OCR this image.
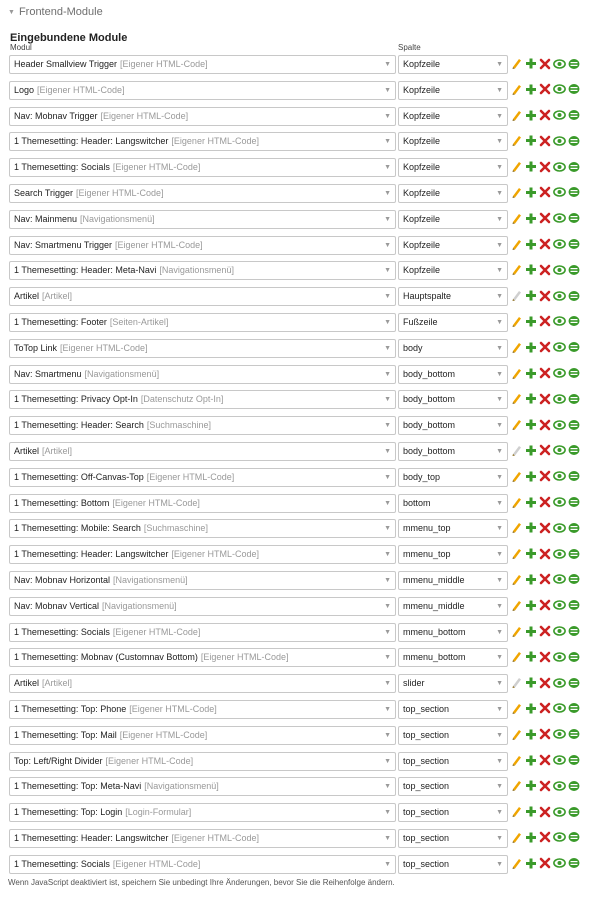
▼ Frontend-Module
Eingebundene Module
Modul	Spalte
Header Smallview Trigger [Eigener HTML-Code]	▼	Kopfzeile	▼
Logo [Eigener HTML-Code]	▼	Kopfzeile	▼
Nav: Mobnav Trigger [Eigener HTML-Code]	▼	Kopfzeile	▼
1 Themesetting: Header: Langswitcher [Eigener HTML-Code]	▼	Kopfzeile	▼
1 Themesetting: Socials [Eigener HTML-Code]	▼	Kopfzeile	▼
Search Trigger [Eigener HTML-Code]	▼	Kopfzeile	▼
Nav: Mainmenu [Navigationsmenü]	▼	Kopfzeile	▼
Nav: Smartmenu Trigger [Eigener HTML-Code]	▼	Kopfzeile	▼
1 Themesetting: Header: Meta-Navi [Navigationsmenü]	▼	Kopfzeile	▼
Artikel [Artikel]	▼	Hauptspalte	▼
1 Themesetting: Footer [Seiten-Artikel]	▼	Fußzeile	▼
ToTop Link [Eigener HTML-Code]	▼	body	▼
Nav: Smartmenu [Navigationsmenü]	▼	body_bottom	▼
1 Themesetting: Privacy Opt-In [Datenschutz Opt-In]	▼	body_bottom	▼
1 Themesetting: Header: Search [Suchmaschine]	▼	body_bottom	▼
Artikel [Artikel]	▼	body_bottom	▼
1 Themesetting: Off-Canvas-Top [Eigener HTML-Code]	▼	body_top	▼
1 Themesetting: Bottom [Eigener HTML-Code]	▼	bottom	▼
1 Themesetting: Mobile: Search [Suchmaschine]	▼	mmenu_top	▼
1 Themesetting: Header: Langswitcher [Eigener HTML-Code]	▼	mmenu_top	▼
Nav: Mobnav Horizontal [Navigationsmenü]	▼	mmenu_middle	▼
Nav: Mobnav Vertical [Navigationsmenü]	▼	mmenu_middle	▼
1 Themesetting: Socials [Eigener HTML-Code]	▼	mmenu_bottom	▼
1 Themesetting: Mobnav (Customnav Bottom) [Eigener HTML-Code]	▼	mmenu_bottom	▼
Artikel [Artikel]	▼	slider	▼
1 Themesetting: Top: Phone [Eigener HTML-Code]	▼	top_section	▼
1 Themesetting: Top: Mail [Eigener HTML-Code]	▼	top_section	▼
Top: Left/Right Divider [Eigener HTML-Code]	▼	top_section	▼
1 Themesetting: Top: Meta-Navi [Navigationsmenü]	▼	top_section	▼
1 Themesetting: Top: Login [Login-Formular]	▼	top_section	▼
1 Themesetting: Header: Langswitcher [Eigener HTML-Code]	▼	top_section	▼
1 Themesetting: Socials [Eigener HTML-Code]	▼	top_section	▼
Wenn JavaScript deaktiviert ist, speichern Sie unbedingt Ihre Änderungen, bevor Sie die Reihenfolge ändern.
